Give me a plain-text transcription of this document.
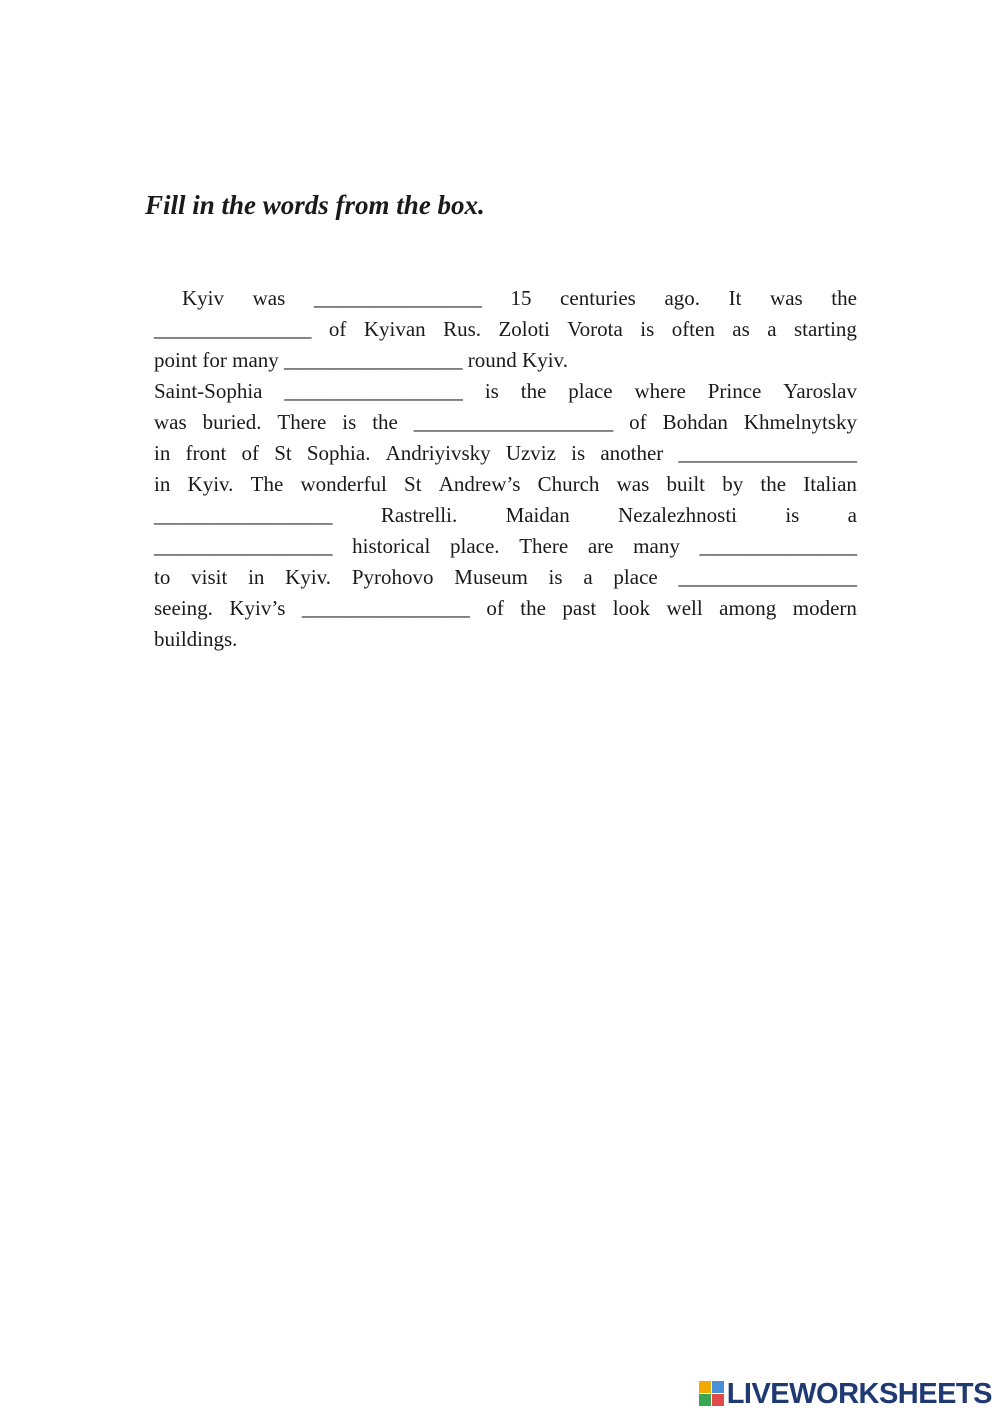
Fill in the words from the box.
Kyiv was ________________ 15 centuries ago. It was the
_______________ of Kyivan Rus. Zoloti Vorota is often as a starting
point for many _________________ round Kyiv.
Saint-Sophia _________________ is the place where Prince Yaroslav
was buried. There is the ___________________ of Bohdan Khmelnytsky
in front of St Sophia. Andriyivsky Uzviz is another _________________
in Kyiv. The wonderful St Andrew’s Church was built by the Italian
_________________ Rastrelli. Maidan Nezalezhnosti is a
_________________ historical place. There are many _______________
to visit in Kyiv. Pyrohovo Museum is a place _________________
seeing. Kyiv’s ________________ of the past look well among modern
buildings.
LIVEWORKSHEETS
